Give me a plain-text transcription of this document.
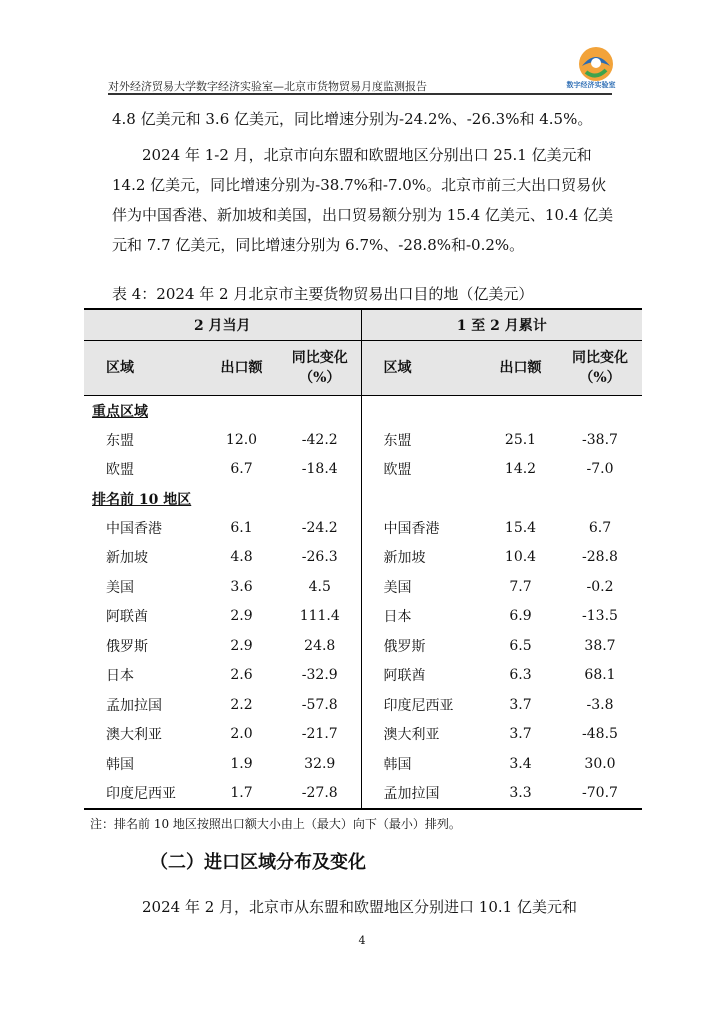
对外经济贸易大学数字经济实验室—北京市货物贸易月度监测报告	数字经济实验室
4.8 亿美元和 3.6 亿美元，同比增速分别为-24.2%、-26.3%和 4.5%。
2024 年 1-2 月，北京市向东盟和欧盟地区分别出口 25.1 亿美元和 14.2 亿美元，同比增速分别为-38.7%和-7.0%。北京市前三大出口贸易伙伴为中国香港、新加坡和美国，出口贸易额分别为 15.4 亿美元、10.4 亿美元和 7.7 亿美元，同比增速分别为 6.7%、-28.8%和-0.2%。
表 4：2024 年 2 月北京市主要货物贸易出口目的地（亿美元）
2 月当月			1 至 2 月累计		
区域	出口额	同比变化（%）	区域	出口额	同比变化（%）
重点区域					
东盟	12.0	-42.2	东盟	25.1	-38.7
欧盟	6.7	-18.4	欧盟	14.2	-7.0
排名前 10 地区					
中国香港	6.1	-24.2	中国香港	15.4	6.7
新加坡	4.8	-26.3	新加坡	10.4	-28.8
美国	3.6	4.5	美国	7.7	-0.2
阿联酋	2.9	111.4	日本	6.9	-13.5
俄罗斯	2.9	24.8	俄罗斯	6.5	38.7
日本	2.6	-32.9	阿联酋	6.3	68.1
孟加拉国	2.2	-57.8	印度尼西亚	3.7	-3.8
澳大利亚	2.0	-21.7	澳大利亚	3.7	-48.5
韩国	1.9	32.9	韩国	3.4	30.0
印度尼西亚	1.7	-27.8	孟加拉国	3.3	-70.7
注：排名前 10 地区按照出口额大小由上（最大）向下（最小）排列。
（二）进口区域分布及变化
2024 年 2 月，北京市从东盟和欧盟地区分别进口 10.1 亿美元和
4
